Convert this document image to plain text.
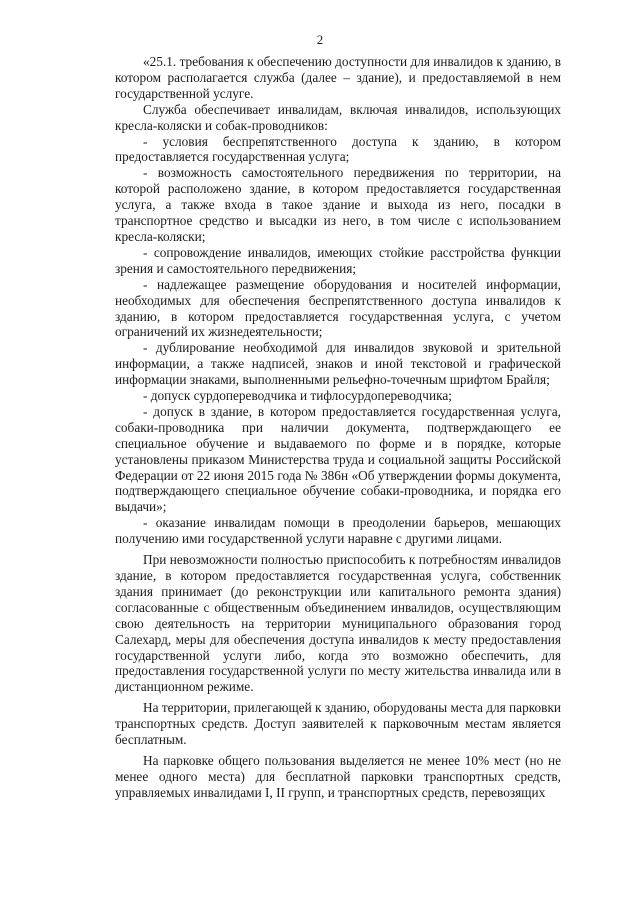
2

«25.1. требования к обеспечению доступности для инвалидов к зданию, в котором располагается служба (далее – здание), и предоставляемой в нем государственной услуге.

Служба обеспечивает инвалидам, включая инвалидов, использующих кресла-коляски и собак-проводников:

- условия беспрепятственного доступа к зданию, в котором предоставляется государственная услуга;

- возможность самостоятельного передвижения по территории, на которой расположено здание, в котором предоставляется государственная услуга, а также входа в такое здание и выхода из него, посадки в транспортное средство и высадки из него, в том числе с использованием кресла-коляски;

- сопровождение инвалидов, имеющих стойкие расстройства функции зрения и самостоятельного передвижения;

- надлежащее размещение оборудования и носителей информации, необходимых для обеспечения беспрепятственного доступа инвалидов к зданию, в котором предоставляется государственная услуга, с учетом ограничений их жизнедеятельности;

- дублирование необходимой для инвалидов звуковой и зрительной информации, а также надписей, знаков и иной текстовой и графической информации знаками, выполненными рельефно-точечным шрифтом Брайля;

- допуск сурдопереводчика и тифлосурдопереводчика;

- допуск в здание, в котором предоставляется государственная услуга, собаки-проводника при наличии документа, подтверждающего ее специальное обучение и выдаваемого по форме и в порядке, которые установлены приказом Министерства труда и социальной защиты Российской Федерации от 22 июня 2015 года № 386н «Об утверждении формы документа, подтверждающего специальное обучение собаки-проводника, и порядка его выдачи»;

- оказание инвалидам помощи в преодолении барьеров, мешающих получению ими государственной услуги наравне с другими лицами.

При невозможности полностью приспособить к потребностям инвалидов здание, в котором предоставляется государственная услуга, собственник здания принимает (до реконструкции или капитального ремонта здания) согласованные с общественным объединением инвалидов, осуществляющим свою деятельность на территории муниципального образования город Салехард, меры для обеспечения доступа инвалидов к месту предоставления государственной услуги либо, когда это возможно обеспечить, для предоставления государственной услуги по месту жительства инвалида или в дистанционном режиме.

На территории, прилегающей к зданию, оборудованы места для парковки транспортных средств. Доступ заявителей к парковочным местам является бесплатным.

На парковке общего пользования выделяется не менее 10% мест (но не менее одного места) для бесплатной парковки транспортных средств, управляемых инвалидами I, II групп, и транспортных средств, перевозящих
